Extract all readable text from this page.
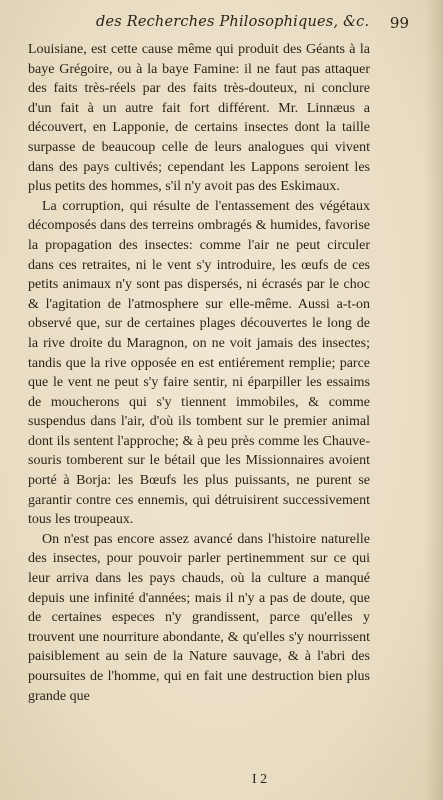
des Recherches Philosophiques, &c. 99

Louisiane, est cette cause même qui produit des Géants à la baye Grégoire, ou à la baye Famine: il ne faut pas attaquer des faits très-réels par des faits très-douteux, ni conclure d'un fait à un autre fait fort différent. Mr. Linnæus a découvert, en Lapponie, de certains insectes dont la taille surpasse de beaucoup celle de leurs analogues qui vivent dans des pays cultivés; cependant les Lappons seroient les plus petits des hommes, s'il n'y avoit pas des Eskimaux.

La corruption, qui résulte de l'entassement des végétaux décomposés dans des terreins ombragés & humides, favorise la propagation des insectes: comme l'air ne peut circuler dans ces retraites, ni le vent s'y introduire, les œufs de ces petits animaux n'y sont pas dispersés, ni écrasés par le choc & l'agitation de l'atmosphere sur elle-même. Aussi a-t-on observé que, sur de certaines plages découvertes le long de la rive droite du Maragnon, on ne voit jamais des insectes; tandis que la rive opposée en est entiérement remplie; parce que le vent ne peut s'y faire sentir, ni éparpiller les essaims de moucherons qui s'y tiennent immobiles, & comme suspendus dans l'air, d'où ils tombent sur le premier animal dont ils sentent l'approche; & à peu près comme les Chauve-souris tomberent sur le bétail que les Missionnaires avoient porté à Borja: les Bœufs les plus puissants, ne purent se garantir contre ces ennemis, qui détruisirent successivement tous les troupeaux.

On n'est pas encore assez avancé dans l'histoire naturelle des insectes, pour pouvoir parler pertinemment sur ce qui leur arriva dans les pays chauds, où la culture a manqué depuis une infinité d'années; mais il n'y a pas de doute, que de certaines especes n'y grandissent, parce qu'elles y trouvent une nourriture abondante, & qu'elles s'y nourrissent paisiblement au sein de la Nature sauvage, & à l'abri des poursuites de l'homme, qui en fait une destruction bien plus grande que

I 2
